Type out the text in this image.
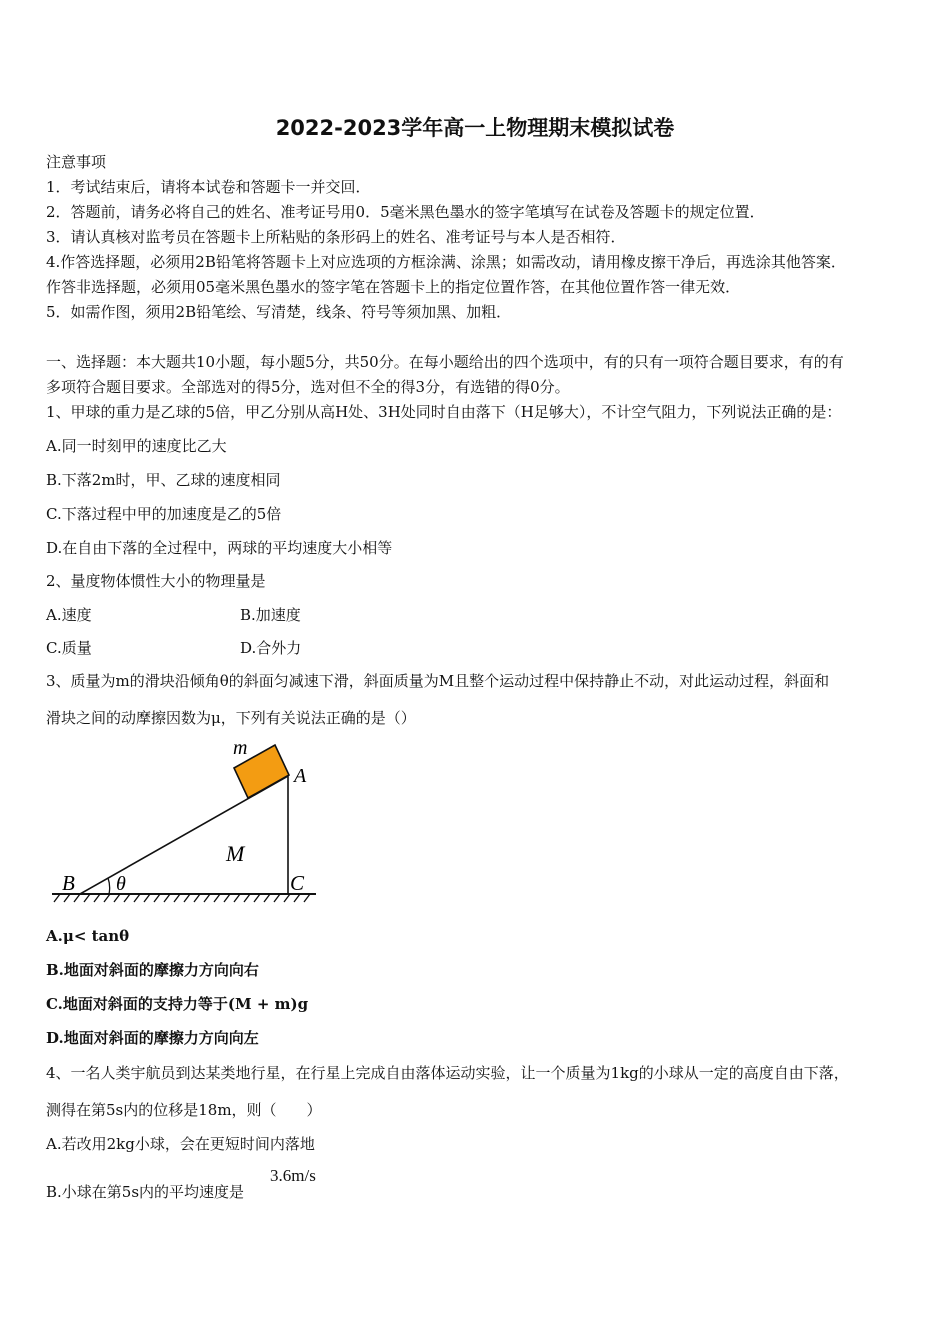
2022-2023学年高一上物理期末模拟试卷
注意事项
1．考试结束后，请将本试卷和答题卡一并交回．
2．答题前，请务必将自己的姓名、准考证号用0．5毫米黑色墨水的签字笔填写在试卷及答题卡的规定位置．
3．请认真核对监考员在答题卡上所粘贴的条形码上的姓名、准考证号与本人是否相符．
4.作答选择题，必须用2B铅笔将答题卡上对应选项的方框涂满、涂黑；如需改动，请用橡皮擦干净后，再选涂其他答案．
作答非选择题，必须用05毫米黑色墨水的签字笔在答题卡上的指定位置作答，在其他位置作答一律无效．
5．如需作图，须用2B铅笔绘、写清楚，线条、符号等须加黑、加粗．
一、选择题：本大题共10小题，每小题5分，共50分。在每小题给出的四个选项中，有的只有一项符合题目要求，有的有
多项符合题目要求。全部选对的得5分，选对但不全的得3分，有选错的得0分。
1、甲球的重力是乙球的5倍，甲乙分别从高H处、3H处同时自由落下（H足够大），不计空气阻力，下列说法正确的是：
A.同一时刻甲的速度比乙大
B.下落2m时，甲、乙球的速度相同
C.下落过程中甲的加速度是乙的5倍
D.在自由下落的全过程中，两球的平均速度大小相等
2、量度物体惯性大小的物理量是
A.速度	B.加速度
C.质量	D.合外力
3、质量为m的滑块沿倾角θ的斜面匀减速下滑，斜面质量为M且整个运动过程中保持静止不动，对此运动过程，斜面和
滑块之间的动摩擦因数为μ，下列有关说法正确的是（）
m
A
M
B θ	C
A.μ< tanθ
B.地面对斜面的摩擦力方向向右
C.地面对斜面的支持力等于(M + m)g
D.地面对斜面的摩擦力方向向左
4、一名人类宇航员到达某类地行星，在行星上完成自由落体运动实验，让一个质量为1kg的小球从一定的高度自由下落，
测得在第5s内的位移是18m，则（　　）
A.若改用2kg小球，会在更短时间内落地
B.小球在第5s内的平均速度是
3.6m/s
